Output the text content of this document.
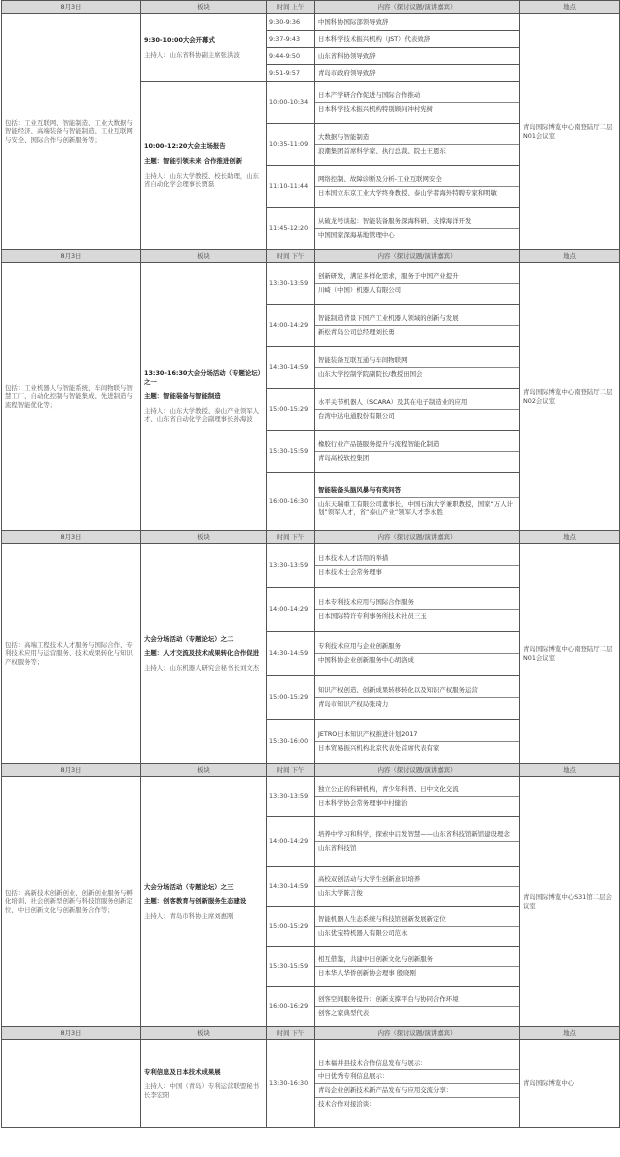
8月3日	板块	时间 上午	内容（探讨议题/演讲嘉宾）	地点
包括：工业互联网、智能制造、工业大数据与智能经济、高端装备与智能制造、工业互联网与安全、国际合作与创新服务等；	9:30-10:00大会开幕式
主持人：山东省科协副主席张洪波	9:30-9:36	中国科协国际部领导致辞	青岛国际博览中心南登陆厅二层N01会议室
		9:37-9:43	日本科学技术振兴机构（JST）代表致辞	

		9:44-9:50	山东省科协领导致辞	

		9:51-9:57	青岛市政府领导致辞	

	10:00-12:20大会主场报告
主题：智能引领未来 合作推进创新
主持人：山东大学教授、校长助理，山东省自动化学会理事长贾磊	10:00-10:34	日本产学研合作促进与国际合作推动
日本科学技术振兴机构特别顾问冲村宪树	

		10:35-11:09	大数据与智能制造
浪潮集团首席科学家、执行总裁、院士王恩东	

		11:10-11:44	网络控制、故障诊断及分析-工业互联网安全
日本国立东京工业大学终身教授、泰山学者海外特聘专家和明敏	

		11:45-12:20	从破龙号谈起：智能装备服务深海科研、支撑海洋开发
中国国家深海基地管理中心	

8月3日	板块	时间 下午	内容（探讨议题/演讲嘉宾）	地点
包括：工业机器人与智能系统、车间物联与智慧工厂、自动化控制与智能集成、先进制造与流程智能优化等；	13:30-16:30大会分场活动（专题论坛）之一
主题：智能装备与智能制造
主持人：山东大学教授、泰山产业领军人才、山东省自动化学会副理事长孙海波	13:30-13:59	创新研发，满足多样化需求，服务于中国产业提升
川崎（中国）机器人有限公司	青岛国际博览中心南登陆厅二层N02会议室
		14:00-14:29	智能制造背景下国产工业机器人领域的创新与发展
新松青岛公司总经理刘长勇	

		14:30-14:59	智能装备互联互通与车间物联网
山东大学控制学院副院长/教授田国会	

		15:00-15:29	水平关节机器人（SCARA）及其在电子制造业的应用
台湾中达电通股份有限公司	

		15:30-15:59	橡胶行业产品链服务提升与流程智能化制造
青岛高校软控集团	

		16:00-16:30	智能装备头脑风暴与有奖问答
山东天瑞重工有限公司董事长，中国石油大学兼职教授，国家“万人计划”领军人才，省“泰山产业”领军人才李永胜	

8月3日	板块	时间 下午	内容（探讨议题/演讲嘉宾）	地点
包括：高端工程技术人才服务与国际合作、专利技术应用与运营服务、技术成果转化与知识产权服务等；	大会分场活动（专题论坛）之二
主题：人才交流及技术成果转化合作促进
主持人：山东机器人研究会秘书长刘文杰	13:30-13:59	日本技术人才活用的举措
日本技术士会常务理事	青岛国际博览中心南登陆厅二层N01会议室
		14:00-14:29	日本专利技术应用与国际合作服务
日本国际特许专利事务所技术社员三玉	

		14:30-14:59	专利技术应用与企业创新服务
中国科协企业创新服务中心胡洛成	

		15:00-15:29	知识产权创造、创新成果转移转化以及知识产权服务运营
青岛市知识产权局张琦力	

		15:30-16:00	JETRO日本知识产权推进计划2017
日本贸易振兴机构北京代表处首席代表有家	

8月3日	板块	时间 下午	内容（探讨议题/演讲嘉宾）	地点
包括：高新技术创新创业、创新创业服务与孵化培训、社会创新型创新与科技馆服务创新定位、中日创新文化与创新服务合作等；	大会分场活动（专题论坛）之三
主题：创客教育与创新服务生态建设
主持人：青岛市科协主席刘惠刚	13:30-13:59	独立公正的科研机构，青少年科普、日中文化交流
日本科学协会常务理事中村健治	青岛国际博览中心S31馆二层会议室
		14:00-14:29	培养中学习和科学，探索中启发智慧——山东省科技馆新馆建设理念
山东省科技馆	

		14:30-14:59	高校双创活动与大学生创新意识培养
山东大学陈言俊	

		15:00-15:29	智能机器人生态系统与科技馆创新发展新定位
山东优宝特机器人有限公司范永	

		15:30-15:59	相互借鉴，共建中日创新文化与创新服务
日本华人华侨创新协会理事 殷晓刚	

		16:00-16:29	创客空间服务提升：创新支撑平台与协同合作环境
创客之家典型代表	

8月3日	板块	时间 下午	内容（探讨议题/演讲嘉宾）	地点

	专利信息及日本技术成果展
主持人：中国（青岛）专利运营联盟秘书长李宏阳	13:30-16:30	日本福井县技术合作信息发布与展示：
中日优秀专利信息展示：
青岛企业创新技术新产品发布与应用交流分享：
技术合作对接洽谈：	青岛国际博览中心
